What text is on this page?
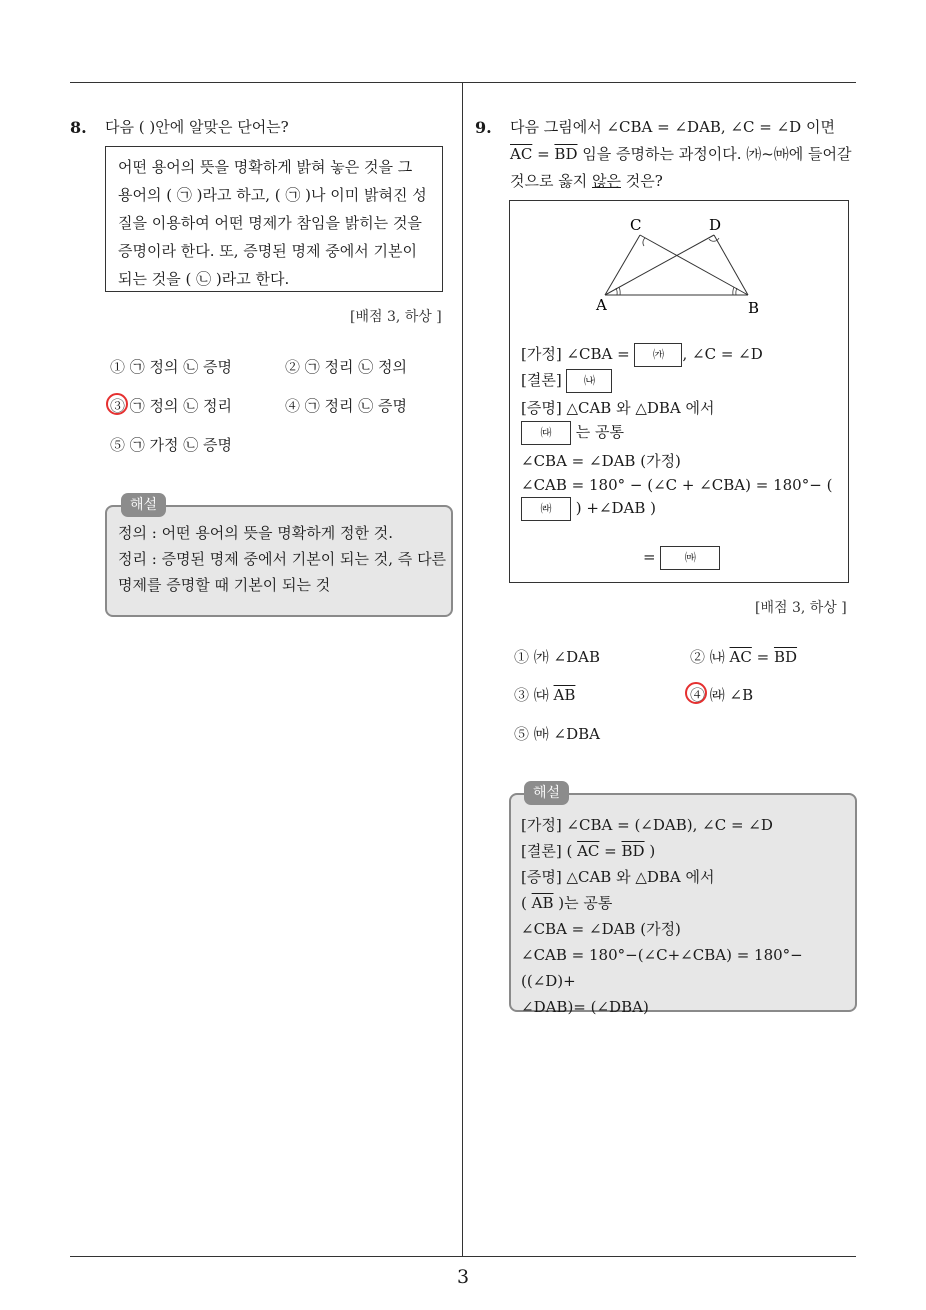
8. 다음 ( )안에 알맞은 단어는?
어떤 용어의 뜻을 명확하게 밝혀 놓은 것을 그
용어의 ( ㉠ )라고 하고, ( ㉠ )나 이미 밝혀진 성
질을 이용하여 어떤 명제가 참임을 밝히는 것을
증명이라 한다. 또, 증명된 명제 중에서 기본이
되는 것을 ( ㉡ )라고 한다.
[배점 3, 하상 ]
① ㉠ 정의 ㉡ 증명	② ㉠ 정리 ㉡ 정의
③ ㉠ 정의 ㉡ 정리	④ ㉠ 정리 ㉡ 증명
⑤ ㉠ 가정 ㉡ 증명
해설
정의 : 어떤 용어의 뜻을 명확하게 정한 것.
정리 : 증명된 명제 중에서 기본이 되는 것, 즉 다른
명제를 증명할 때 기본이 되는 것
9. 다음 그림에서 ∠CBA = ∠DAB, ∠C = ∠D 이면
$\overline{AC} = \overline{BD}$ 임을 증명하는 과정이다. ㈎~㈒에 들어갈
것으로 옳지 않은 것은?
C	D
A	B
[가정] ∠CBA = ㈎ , ∠C = ∠D
[결론] ㈏
[증명] △CAB 와 △DBA 에서
㈐ 는 공통
∠CBA = ∠DAB (가정)
∠CAB = 180° − (∠C + ∠CBA) = 180°− (
㈑ ) +∠DAB )
= ㈒
[배점 3, 하상 ]
① ㈎ ∠DAB	② ㈏ $\overline{AC} = \overline{BD}$
③ ㈐ $\overline{AB}$	④ ㈑ ∠B
⑤ ㈒ ∠DBA
해설
[가정] ∠CBA = (∠DAB), ∠C = ∠D
[결론] ( $\overline{AC} = \overline{BD}$ )
[증명] △CAB 와 △DBA 에서
( $\overline{AB}$ )는 공통
∠CBA = ∠DAB (가정)
∠CAB = 180°−(∠C+∠CBA) = 180°−((∠D)+
∠DAB)= (∠DBA)
3
